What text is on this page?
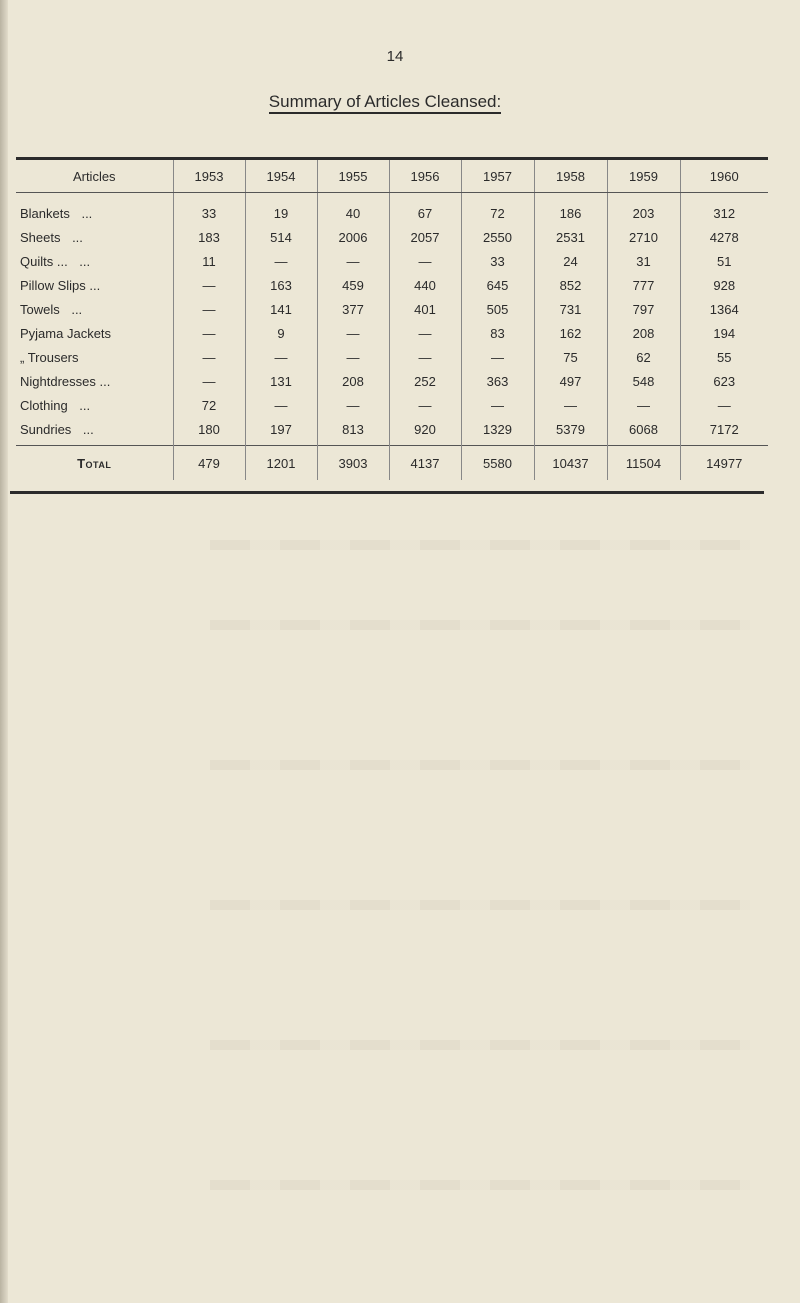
14
Summary of Articles Cleansed:
Articles	1953	1954	1955	1956	1957	1958	1959	1960
Blankets ...	33	19	40	67	72	186	203	312
Sheets ...	183	514	2006	2057	2550	2531	2710	4278
Quilts ... ...	11	—	—	—	33	24	31	51
Pillow Slips ...	—	163	459	440	645	852	777	928
Towels ...	—	141	377	401	505	731	797	1364
Pyjama Jackets	—	9	—	—	83	162	208	194
„ Trousers	—	—	—	—	—	75	62	55
Nightdresses ...	—	131	208	252	363	497	548	623
Clothing ...	72	—	—	—	—	—	—	—
Sundries ...	180	197	813	920	1329	5379	6068	7172
Total	479	1201	3903	4137	5580	10437	11504	14977
